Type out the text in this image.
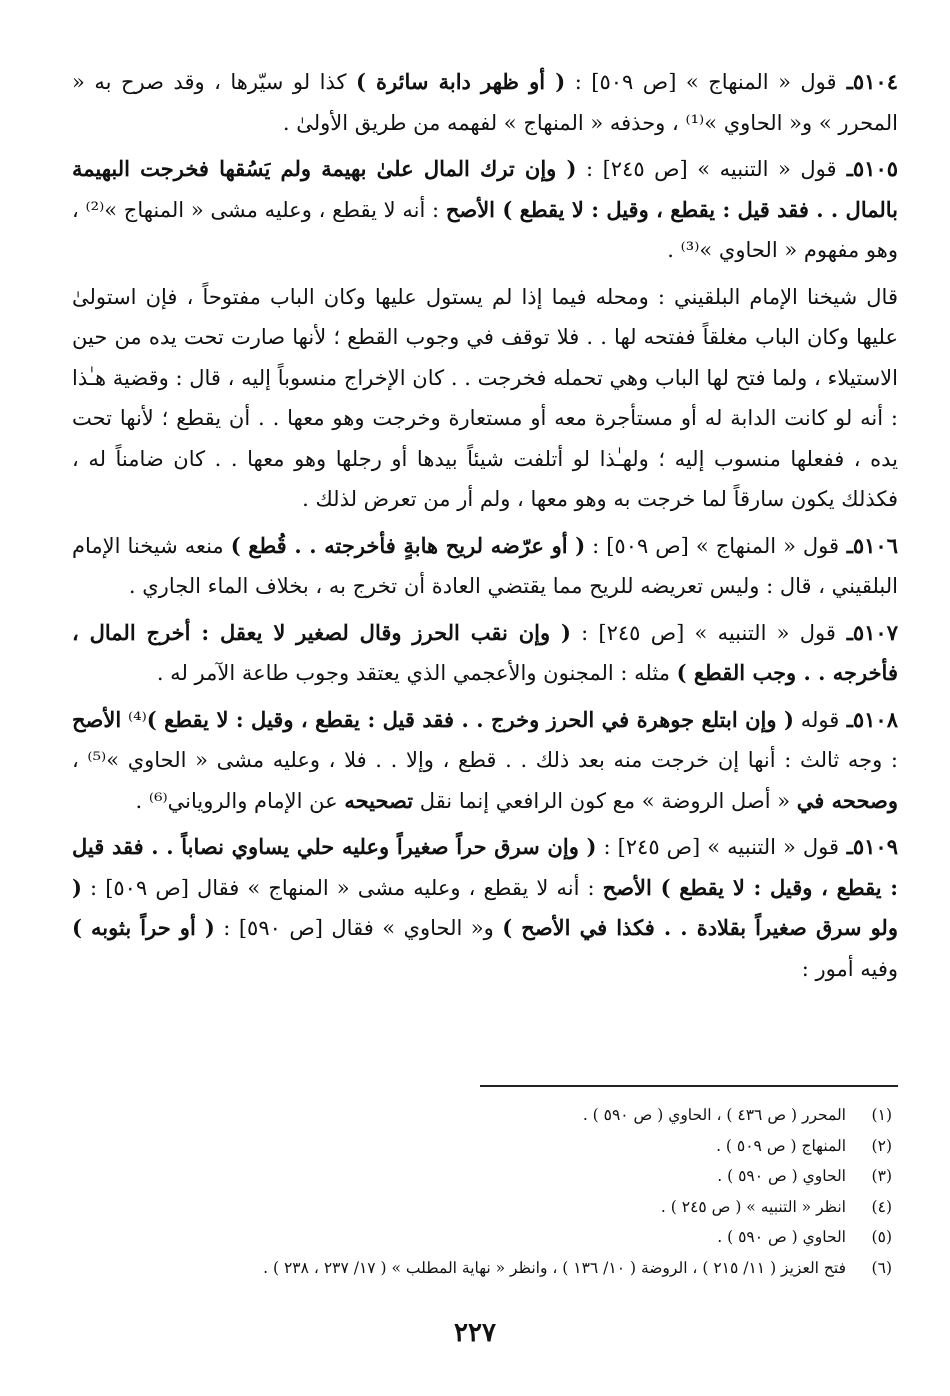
٥١٠٤ـ قول « المنهاج » [ص ٥٠٩] : ( أو ظهر دابة سائرة ) كذا لو سيّرها ، وقد صرح به « المحرر » و« الحاوي »⁽¹⁾ ، وحذفه « المنهاج » لفهمه من طريق الأولىٰ .

٥١٠٥ـ قول « التنبيه » [ص ٢٤٥] : ( وإن ترك المال علىٰ بهيمة ولم يَسُقها فخرجت البهيمة بالمال . . فقد قيل : يقطع ، وقيل : لا يقطع ) الأصح : أنه لا يقطع ، وعليه مشى « المنهاج »⁽²⁾ ، وهو مفهوم « الحاوي »⁽³⁾ .

قال شيخنا الإمام البلقيني : ومحله فيما إذا لم يستول عليها وكان الباب مفتوحاً ، فإن استولىٰ عليها وكان الباب مغلقاً ففتحه لها . . فلا توقف في وجوب القطع ؛ لأنها صارت تحت يده من حين الاستيلاء ، ولما فتح لها الباب وهي تحمله فخرجت . . كان الإخراج منسوباً إليه ، قال : وقضية هـٰذا : أنه لو كانت الدابة له أو مستأجرة معه أو مستعارة وخرجت وهو معها . . أن يقطع ؛ لأنها تحت يده ، ففعلها منسوب إليه ؛ ولهـٰذا لو أتلفت شيئاً بيدها أو رجلها وهو معها . . كان ضامناً له ، فكذلك يكون سارقاً لما خرجت به وهو معها ، ولم أر من تعرض لذلك .

٥١٠٦ـ قول « المنهاج » [ص ٥٠٩] : ( أو عرّضه لريح هابةٍ فأخرجته . . قُطع ) منعه شيخنا الإمام البلقيني ، قال : وليس تعريضه للريح مما يقتضي العادة أن تخرج به ، بخلاف الماء الجاري .

٥١٠٧ـ قول « التنبيه » [ص ٢٤٥] : ( وإن نقب الحرز وقال لصغير لا يعقل : أخرج المال ، فأخرجه . . وجب القطع ) مثله : المجنون والأعجمي الذي يعتقد وجوب طاعة الآمر له .

٥١٠٨ـ قوله ( وإن ابتلع جوهرة في الحرز وخرج . . فقد قيل : يقطع ، وقيل : لا يقطع )⁽⁴⁾ الأصح : وجه ثالث : أنها إن خرجت منه بعد ذلك . . قطع ، وإلا . . فلا ، وعليه مشى « الحاوي »⁽⁵⁾ ، وصححه في « أصل الروضة » مع كون الرافعي إنما نقل تصحيحه عن الإمام والروياني⁽⁶⁾ .

٥١٠٩ـ قول « التنبيه » [ص ٢٤٥] : ( وإن سرق حراً صغيراً وعليه حلي يساوي نصاباً . . فقد قيل : يقطع ، وقيل : لا يقطع ) الأصح : أنه لا يقطع ، وعليه مشى « المنهاج » فقال [ص ٥٠٩] : ( ولو سرق صغيراً بقلادة . . فكذا في الأصح ) و« الحاوي » فقال [ص ٥٩٠] : ( أو حراً بثوبه ) وفيه أمور :

(١)
المحرر ( ص ٤٣٦ ) ، الحاوي ( ص ٥٩٠ ) .
(٢)
المنهاج ( ص ٥٠٩ ) .
(٣)
الحاوي ( ص ٥٩٠ ) .
(٤)
انظر « التنبيه » ( ص ٢٤٥ ) .
(٥)
الحاوي ( ص ٥٩٠ ) .
(٦)
فتح العزيز ( ١١/ ٢١٥ ) ، الروضة ( ١٠/ ١٣٦ ) ، وانظر « نهاية المطلب » ( ١٧/ ٢٣٧ ، ٢٣٨ ) .
٢٢٧
